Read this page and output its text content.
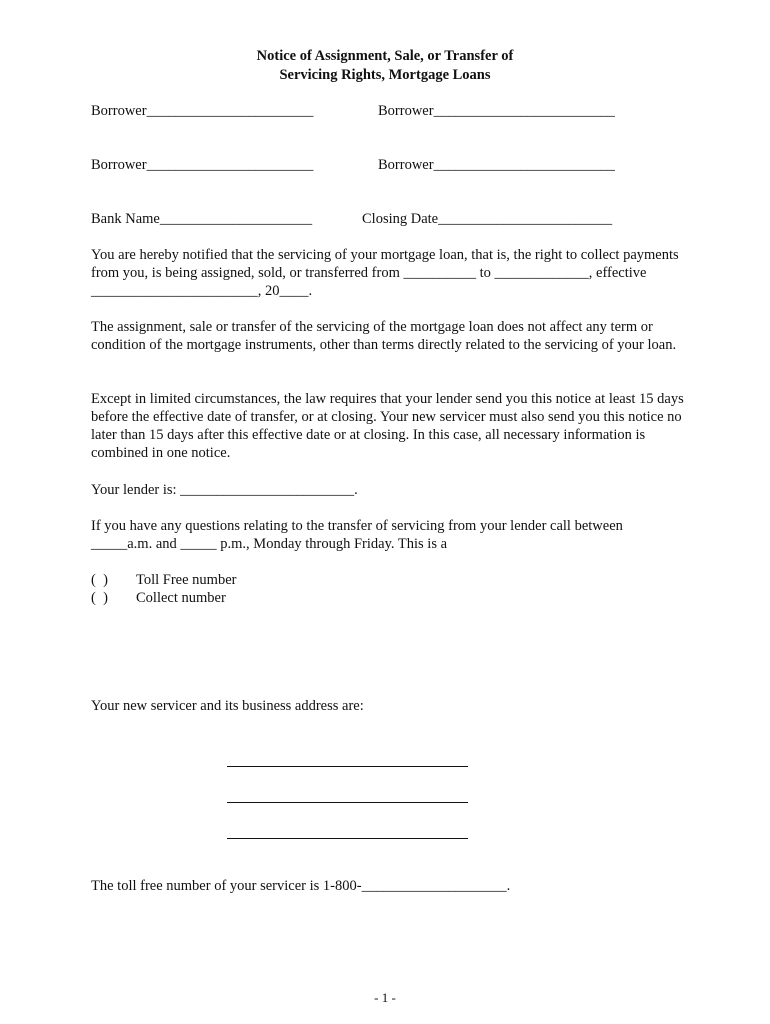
Notice of Assignment, Sale, or Transfer of
Servicing Rights, Mortgage Loans
Borrower_______________________	Borrower_________________________
Borrower_______________________	Borrower_________________________
Bank Name_____________________	Closing Date________________________
You are hereby notified that the servicing of your mortgage loan, that is, the right to collect payments from you, is being assigned, sold, or transferred from __________ to _____________, effective _______________________, 20____.
The assignment, sale or transfer of the servicing of the mortgage loan does not affect any term or condition of the mortgage instruments, other than terms directly related to the servicing of your loan.
Except in limited circumstances, the law requires that your lender send you this notice at least 15 days before the effective date of transfer, or at closing. Your new servicer must also send you this notice no later than 15 days after this effective date or at closing. In this case, all necessary information is combined in one notice.
Your lender is: ________________________.
If you have any questions relating to the transfer of servicing from your lender call between _____a.m. and _____ p.m., Monday through Friday. This is a
(  ) Toll Free number
(  ) Collect number
Your new servicer and its business address are:
The toll free number of your servicer is 1-800-____________________.
- 1 -
